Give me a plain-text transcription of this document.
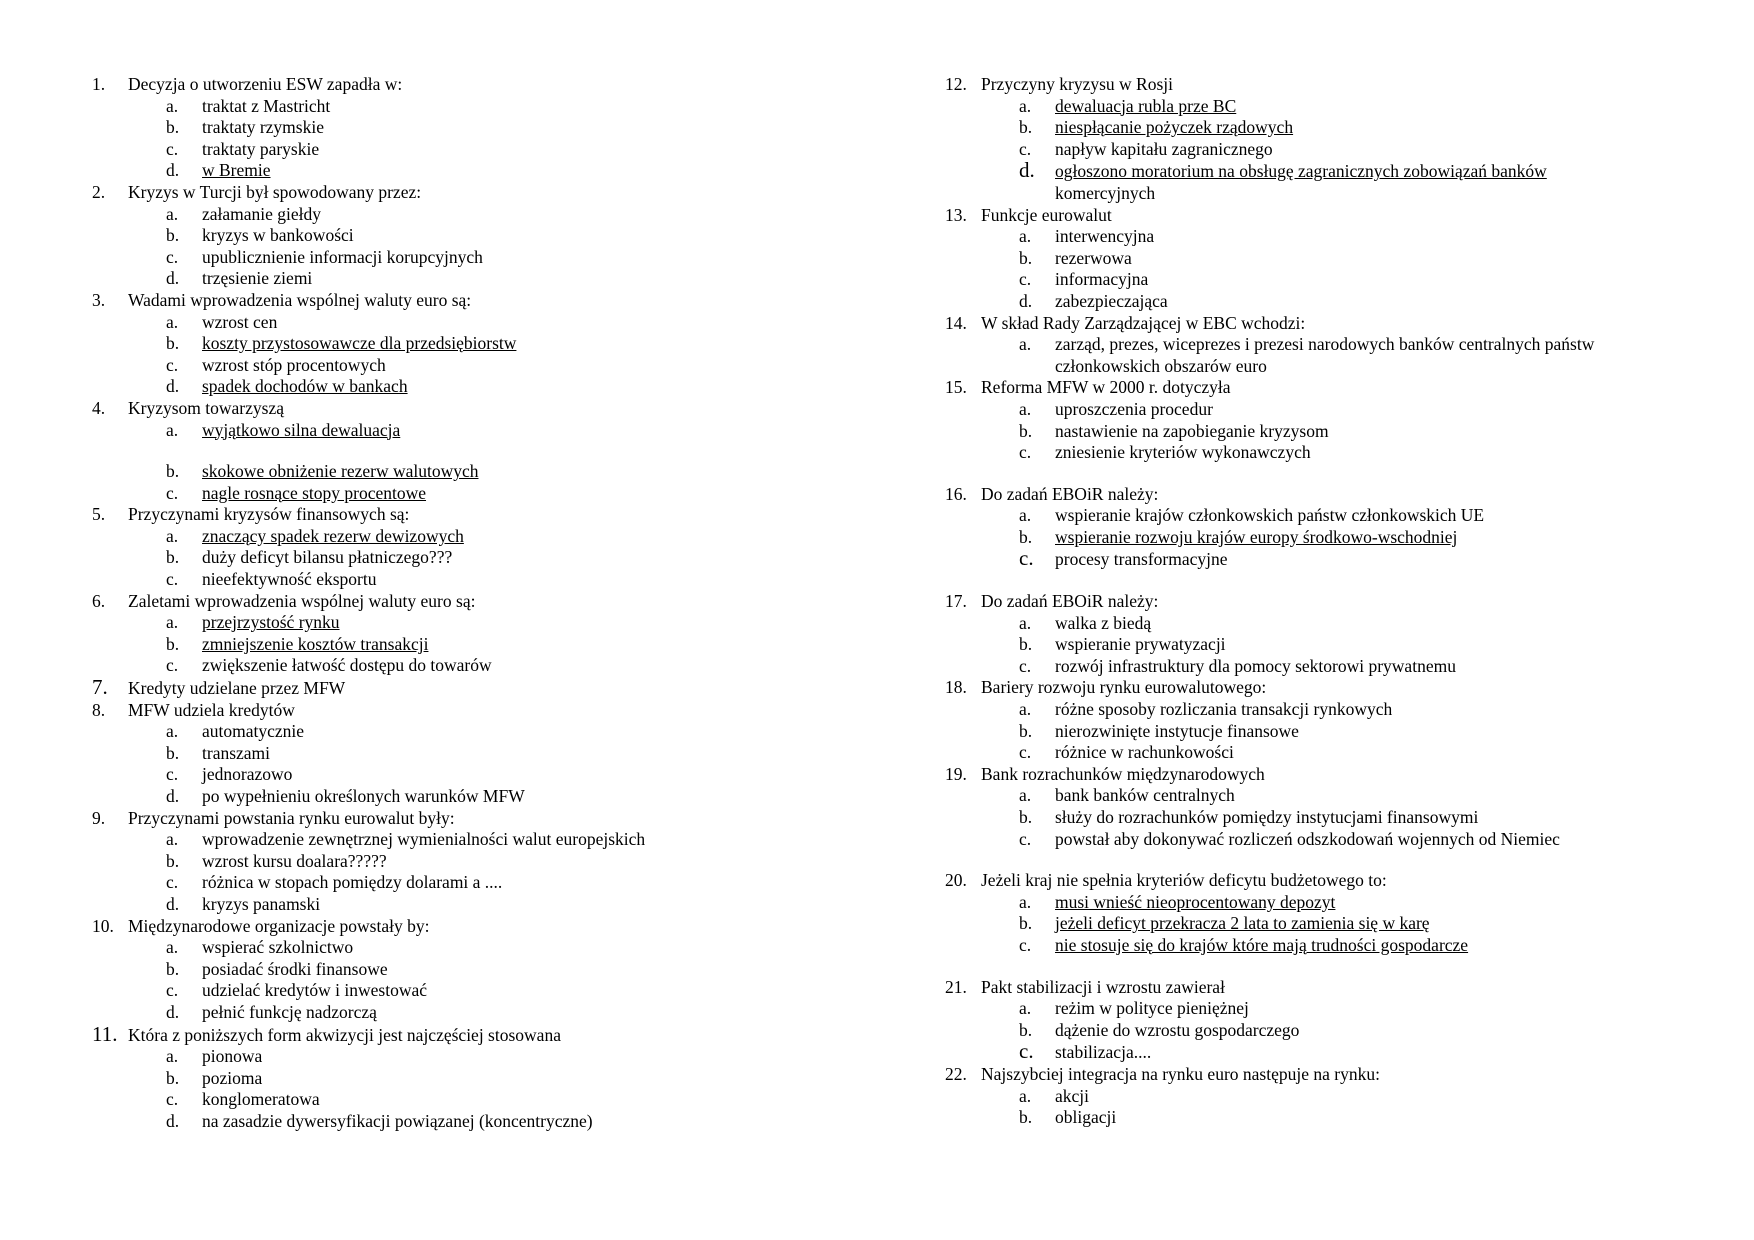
1.	Decyzja o utworzeniu ESW zapadła w:
a.	traktat z Mastricht
b.	traktaty rzymskie
c.	traktaty paryskie
d.	w Bremie
2.	Kryzys w Turcji był spowodowany przez:
a.	załamanie giełdy
b.	kryzys w bankowości
c.	upublicznienie informacji korupcyjnych
d.	trzęsienie ziemi
3.	Wadami wprowadzenia wspólnej waluty euro są:
a.	wzrost cen
b.	koszty przystosowawcze dla przedsiębiorstw
c.	wzrost stóp procentowych
d.	spadek dochodów w bankach
4.	Kryzysom towarzyszą
a.	wyjątkowo silna dewaluacja
b.	skokowe obniżenie rezerw walutowych
c.	nagle rosnące stopy procentowe
5.	Przyczynami kryzysów finansowych są:
a.	znaczący spadek rezerw dewizowych
b.	duży deficyt bilansu płatniczego???
c.	nieefektywność eksportu
6.	Zaletami wprowadzenia wspólnej waluty euro są:
a.	przejrzystość rynku
b.	zmniejszenie kosztów transakcji
c.	zwiększenie łatwość dostępu do towarów
7.	Kredyty udzielane przez MFW
8.	MFW udziela kredytów
a.	automatycznie
b.	transzami
c.	jednorazowo
d.	po wypełnieniu określonych warunków MFW
9.	Przyczynami powstania rynku eurowalut były:
a.	wprowadzenie zewnętrznej wymienialności walut europejskich
b.	wzrost kursu doalara?????
c.	różnica w stopach pomiędzy dolarami a ....
d.	kryzys panamski
10. Międzynarodowe organizacje powstały by:
a.	wspierać szkolnictwo
b.	posiadać środki finansowe
c.	udzielać kredytów i inwestować
d.	pełnić funkcję nadzorczą
11. Która z poniższych form akwizycji jest najczęściej stosowana
a.	pionowa
b.	pozioma
c.	konglomeratowa
d.	na zasadzie dywersyfikacji powiązanej (koncentryczne)
12. Przyczyny kryzysu w Rosji
a.	dewaluacja rubla prze BC
b.	niespłącanie pożyczek rządowych
c.	napływ kapitału zagranicznego
d.	ogłoszono moratorium na obsługę zagranicznych zobowiązań banków
komercyjnych
13. Funkcje eurowalut
a.	interwencyjna
b.	rezerwowa
c.	informacyjna
d.	zabezpieczająca
14. W skład Rady Zarządzającej w EBC wchodzi:
a.	zarząd, prezes, wiceprezes i prezesi narodowych banków centralnych państw
członkowskich obszarów euro
15. Reforma MFW w 2000 r. dotyczyła
a.	uproszczenia procedur
b.	nastawienie na zapobieganie kryzysom
c.	zniesienie kryteriów wykonawczych
16. Do zadań EBOiR należy:
a.	wspieranie krajów członkowskich państw członkowskich UE
b.	wspieranie rozwoju krajów europy środkowo-wschodniej
c.	procesy transformacyjne
17. Do zadań EBOiR należy:
a.	walka z biedą
b.	wspieranie prywatyzacji
c.	rozwój infrastruktury dla pomocy sektorowi prywatnemu
18. Bariery rozwoju rynku eurowalutowego:
a.	różne sposoby rozliczania transakcji rynkowych
b.	nierozwinięte instytucje finansowe
c.	różnice w rachunkowości
19. Bank rozrachunków międzynarodowych
a.	bank banków centralnych
b.	służy do rozrachunków pomiędzy instytucjami finansowymi
c.	powstał aby dokonywać rozliczeń odszkodowań wojennych od Niemiec
20. Jeżeli kraj nie spełnia kryteriów deficytu budżetowego to:
a.	musi wnieść nieoprocentowany depozyt
b.	jeżeli deficyt przekracza 2 lata to zamienia się w karę
c.	nie stosuje się do krajów które mają trudności gospodarcze
21. Pakt stabilizacji i wzrostu zawierał
a.	reżim w polityce pieniężnej
b.	dążenie do wzrostu gospodarczego
c.	stabilizacja....
22. Najszybciej integracja na rynku euro następuje na rynku:
a.	akcji
b.	obligacji
